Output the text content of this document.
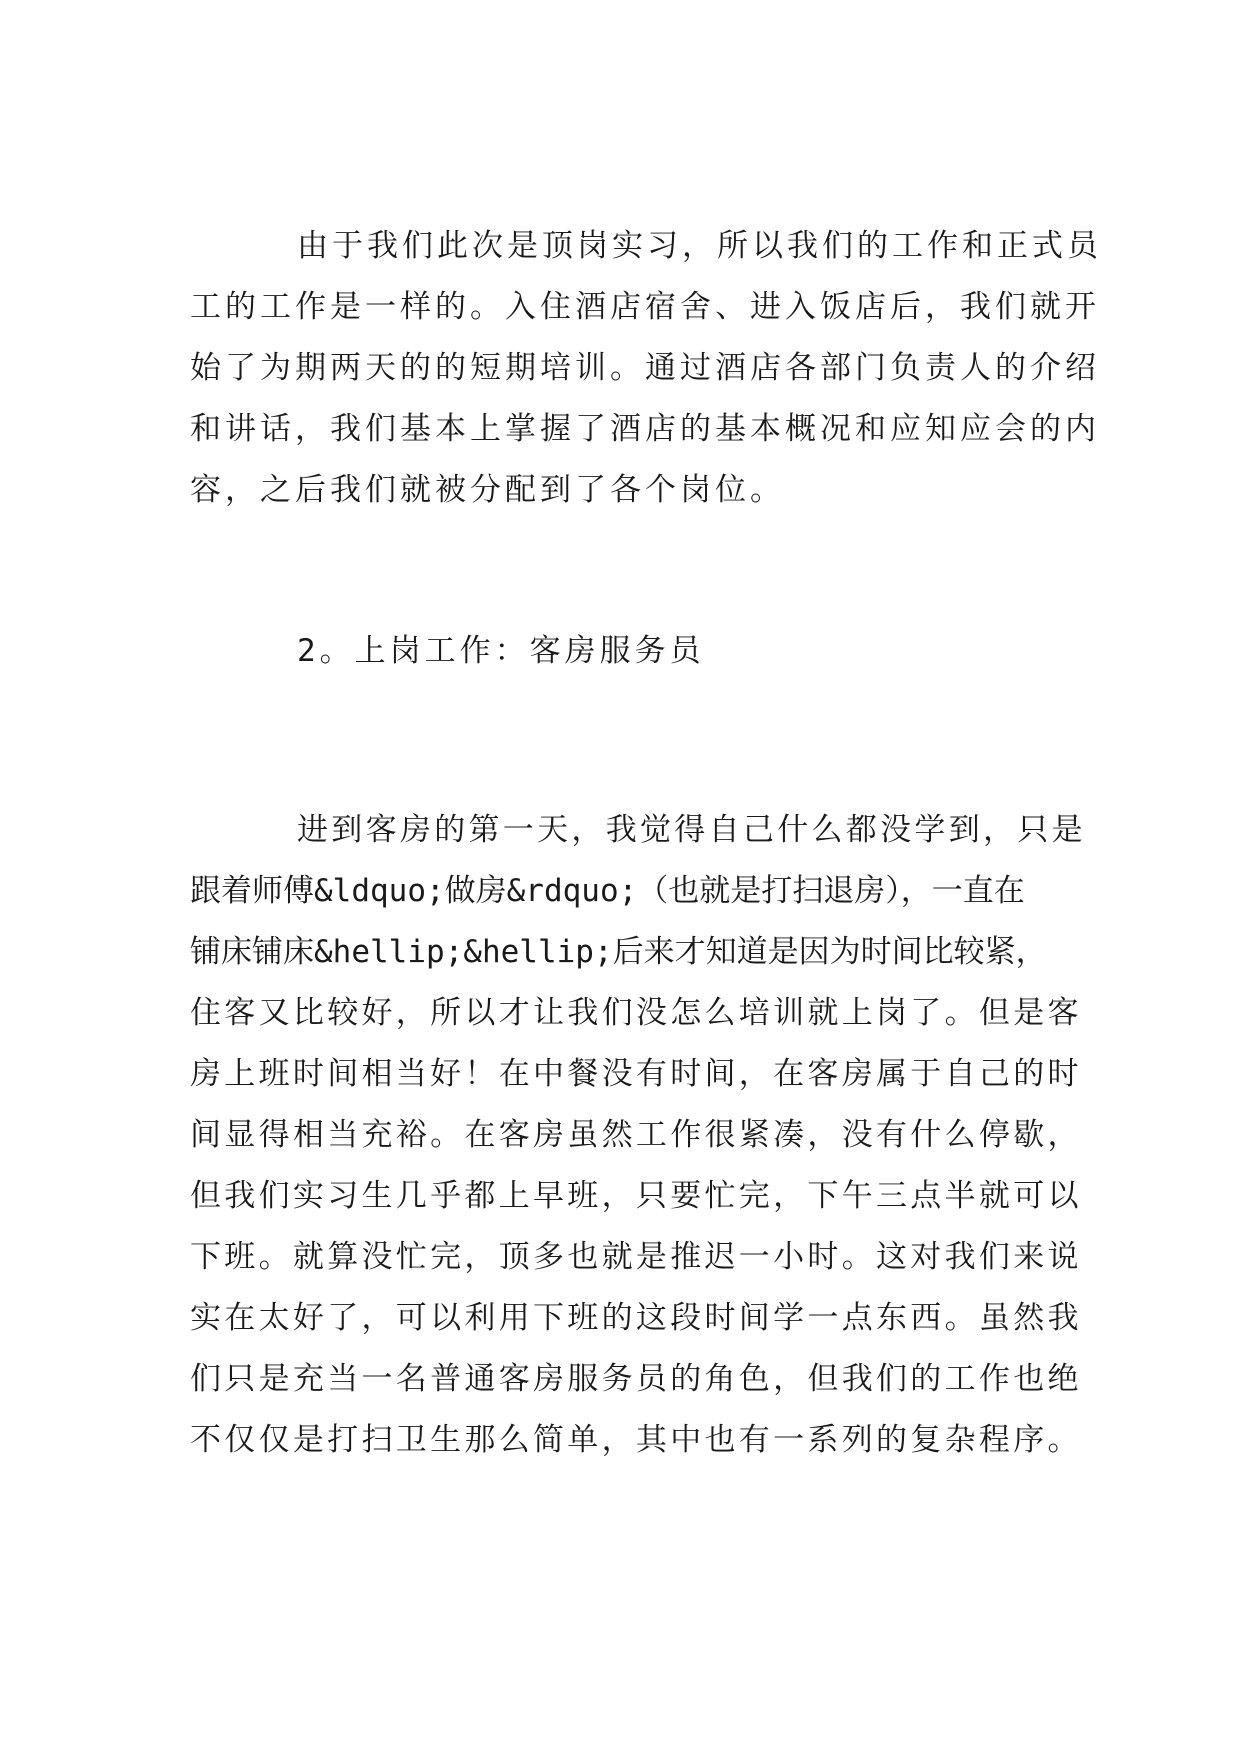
由于我们此次是顶岗实习，所以我们的工作和正式员
工的工作是一样的。入住酒店宿舍、进入饭店后，我们就开
始了为期两天的的短期培训。通过酒店各部门负责人的介绍
和讲话，我们基本上掌握了酒店的基本概况和应知应会的内
容，之后我们就被分配到了各个岗位。
2。上岗工作：客房服务员
进到客房的第一天，我觉得自己什么都没学到，只是
跟着师傅&ldquo;做房&rdquo;（也就是打扫退房），一直在
铺床铺床&hellip;&hellip;后来才知道是因为时间比较紧，
住客又比较好，所以才让我们没怎么培训就上岗了。但是客
房上班时间相当好！在中餐没有时间，在客房属于自己的时
间显得相当充裕。在客房虽然工作很紧凑，没有什么停歇，
但我们实习生几乎都上早班，只要忙完，下午三点半就可以
下班。就算没忙完，顶多也就是推迟一小时。这对我们来说
实在太好了，可以利用下班的这段时间学一点东西。虽然我
们只是充当一名普通客房服务员的角色，但我们的工作也绝
不仅仅是打扫卫生那么简单，其中也有一系列的复杂程序。
